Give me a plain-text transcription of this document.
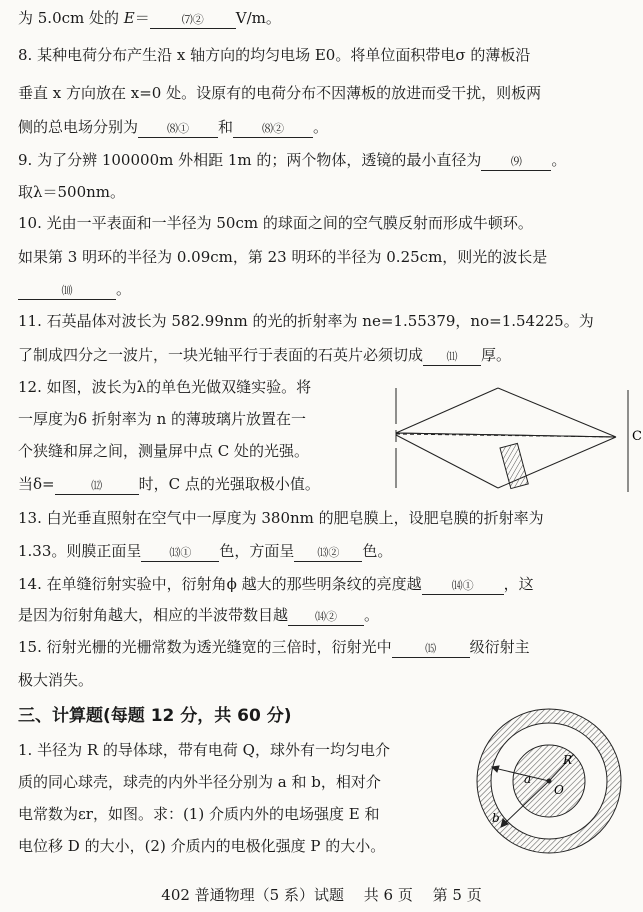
为 5.0cm 处的 E＝	⑺② V/m。
8. 某种电荷分布产生沿 x 轴方向的均匀电场 E0。将单位面积带电σ 的薄板沿
垂直 x 方向放在 x=0 处。设原有的电荷分布不因薄板的放进而受干扰，则板两
侧的总电场分别为	⑻① 和	⑻② 。
9. 为了分辨 100000m 外相距 1m 的；两个物体，透镜的最小直径为	⑼ 。
取λ＝500nm。
10. 光由一平表面和一半径为 50cm 的球面之间的空气膜反射而形成牛顿环。
如果第 3 明环的半径为 0.09cm，第 23 明环的半径为 0.25cm，则光的波长是
⑽	。
11. 石英晶体对波长为 582.99nm 的光的折射率为 ne=1.55379，no=1.54225。为
了制成四分之一波片，一块光轴平行于表面的石英片必须切成 ⑾ 厚。
12. 如图，波长为λ的单色光做双缝实验。将
一厚度为δ 折射率为 n 的薄玻璃片放置在一
个狭缝和屏之间，测量屏中点 C 处的光强。
当δ=	⑿ 时，C 点的光强取极小值。
C
13. 白光垂直照射在空气中一厚度为 380nm 的肥皂膜上，设肥皂膜的折射率为
1.33。则膜正面呈	⒀① 色，方面呈 ⒀② 色。
14. 在单缝衍射实验中，衍射角ϕ 越大的那些明条纹的亮度越	⒁① ，这
是因为衍射角越大，相应的半波带数目越 ⒁② 。
15. 衍射光栅的光栅常数为透光缝宽的三倍时，衍射光中	⒂ 级衍射主
极大消失。
三、计算题(每题 12 分，共 60 分)
1. 半径为 R 的导体球，带有电荷 Q，球外有一均匀电介
质的同心球壳，球壳的内外半径分别为 a 和 b，相对介
电常数为εr，如图。求：(1) 介质内外的电场强度 E 和
电位移 D 的大小，(2) 介质内的电极化强度 P 的大小。
R
a
O
b
402 普通物理（5 系）试题　 共 6 页　 第 5 页
